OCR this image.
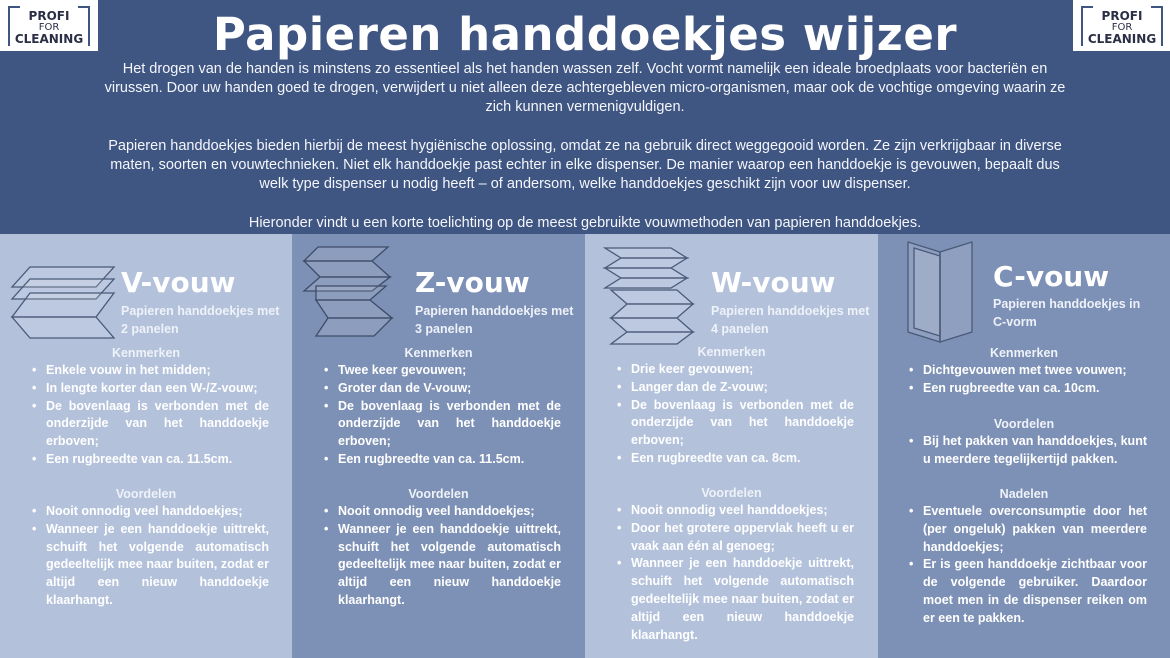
PROFI
FOR
CLEANING
PROFI
FOR
CLEANING
Papieren handdoekjes wijzer
Het drogen van de handen is minstens zo essentieel als het handen wassen zelf. Vocht vormt namelijk een ideale broedplaats voor bacteriën en virussen. Door uw handen goed te drogen, verwijdert u niet alleen deze achtergebleven micro-organismen, maar ook de vochtige omgeving waarin ze zich kunnen vermenigvuldigen.
Papieren handdoekjes bieden hierbij de meest hygiënische oplossing, omdat ze na gebruik direct weggegooid worden. Ze zijn verkrijgbaar in diverse maten, soorten en vouwtechnieken. Niet elk handdoekje past echter in elke dispenser. De manier waarop een handdoekje is gevouwen, bepaalt dus welk type dispenser u nodig heeft – of andersom, welke handdoekjes geschikt zijn voor uw dispenser.
Hieronder vindt u een korte toelichting op de meest gebruikte vouwmethoden van papieren handdoekjes.
V-vouw
Papieren handdoekjes met
2 panelen
Kenmerken
• Enkele vouw in het midden;
• In lengte korter dan een W-/Z-vouw;
• De bovenlaag is verbonden met de onderzijde van het handdoekje erboven;
• Een rugbreedte van ca. 11.5cm.
Voordelen
• Nooit onnodig veel handdoekjes;
• Wanneer je een handdoekje uittrekt, schuift het volgende automatisch gedeeltelijk mee naar buiten, zodat er altijd een nieuw handdoekje klaarhangt.
Z-vouw
Papieren handdoekjes met
3 panelen
Kenmerken
• Twee keer gevouwen;
• Groter dan de V-vouw;
• De bovenlaag is verbonden met de onderzijde van het handdoekje erboven;
• Een rugbreedte van ca. 11.5cm.
Voordelen
• Nooit onnodig veel handdoekjes;
• Wanneer je een handdoekje uittrekt, schuift het volgende automatisch gedeeltelijk mee naar buiten, zodat er altijd een nieuw handdoekje klaarhangt.
W-vouw
Papieren handdoekjes met
4 panelen
Kenmerken
• Drie keer gevouwen;
• Langer dan de Z-vouw;
• De bovenlaag is verbonden met de onderzijde van het handdoekje erboven;
• Een rugbreedte van ca. 8cm.
Voordelen
• Nooit onnodig veel handdoekjes;
• Door het grotere oppervlak heeft u er vaak aan één al genoeg;
• Wanneer je een handdoekje uittrekt, schuift het volgende automatisch gedeeltelijk mee naar buiten, zodat er altijd een nieuw handdoekje klaarhangt.
C-vouw
Papieren handdoekjes in
C-vorm
Kenmerken
• Dichtgevouwen met twee vouwen;
• Een rugbreedte van ca. 10cm.
Voordelen
• Bij het pakken van handdoekjes, kunt u meerdere tegelijkertijd pakken.
Nadelen
• Eventuele overconsumptie door het (per ongeluk) pakken van meerdere handdoekjes;
• Er is geen handdoekje zichtbaar voor de volgende gebruiker. Daardoor moet men in de dispenser reiken om er een te pakken.
